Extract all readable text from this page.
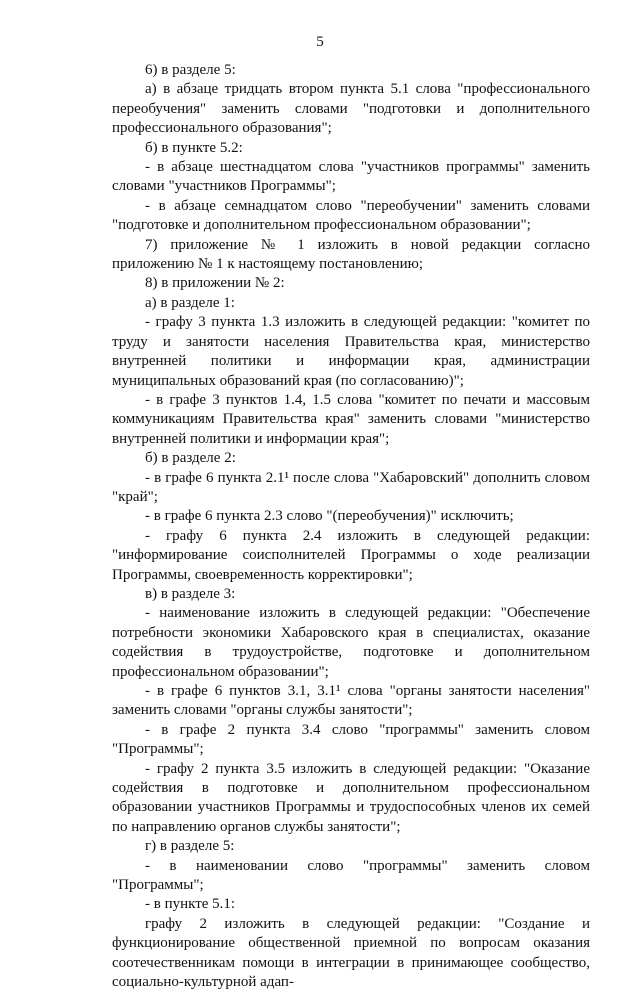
5

6) в разделе 5:

а) в абзаце тридцать втором пункта 5.1 слова "профессионального переобучения" заменить словами "подготовки и дополнительного профессионального образования";

б) в пункте 5.2:

- в абзаце шестнадцатом слова "участников программы" заменить словами "участников Программы";

- в абзаце семнадцатом слово "переобучении" заменить словами "подготовке и дополнительном профессиональном образовании";

7) приложение № 1 изложить в новой редакции согласно приложению № 1 к настоящему постановлению;

8) в приложении № 2:

а) в разделе 1:

- графу 3 пункта 1.3 изложить в следующей редакции: "комитет по труду и занятости населения Правительства края, министерство внутренней политики и информации края, администрации муниципальных образований края (по согласованию)";

- в графе 3 пунктов 1.4, 1.5 слова "комитет по печати и массовым коммуникациям Правительства края" заменить словами "министерство внутренней политики и информации края";

б) в разделе 2:

- в графе 6 пункта 2.1¹ после слова "Хабаровский" дополнить словом "край";

- в графе 6 пункта 2.3 слово "(переобучения)" исключить;

- графу 6 пункта 2.4 изложить в следующей редакции: "информирование соисполнителей Программы о ходе реализации Программы, своевременность корректировки";

в) в разделе 3:

- наименование изложить в следующей редакции: "Обеспечение потребности экономики Хабаровского края в специалистах, оказание содействия в трудоустройстве, подготовке и дополнительном профессиональном образовании";

- в графе 6 пунктов 3.1, 3.1¹ слова "органы занятости населения" заменить словами "органы службы занятости";

- в графе 2 пункта 3.4 слово "программы" заменить словом "Программы";

- графу 2 пункта 3.5 изложить в следующей редакции: "Оказание содействия в подготовке и дополнительном профессиональном образовании участников Программы и трудоспособных членов их семей по направлению органов службы занятости";

г) в разделе 5:

- в наименовании слово "программы" заменить словом "Программы";

- в пункте 5.1:

графу 2 изложить в следующей редакции: "Создание и функционирование общественной приемной по вопросам оказания соотечественникам помощи в интеграции в принимающее сообщество, социально-культурной адап-
